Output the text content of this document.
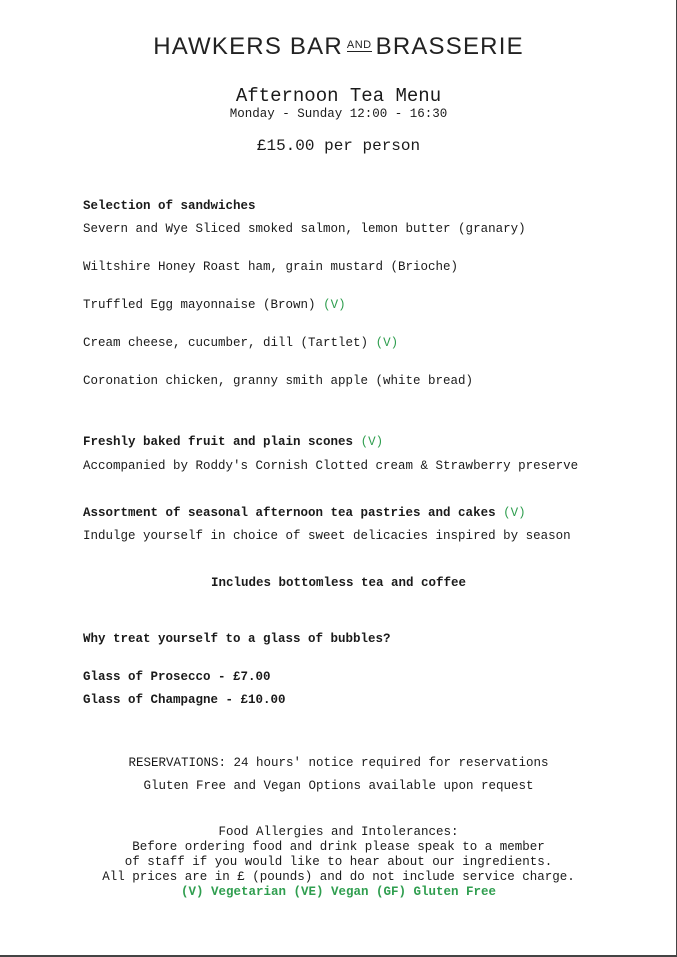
HAWKERS BAR AND BRASSERIE
Afternoon Tea Menu
Monday - Sunday 12:00 - 16:30
£15.00 per person
Selection of sandwiches
Severn and Wye Sliced smoked salmon, lemon butter (granary)
Wiltshire Honey Roast ham, grain mustard (Brioche)
Truffled Egg mayonnaise (Brown) (V)
Cream cheese, cucumber, dill (Tartlet) (V)
Coronation chicken, granny smith apple (white bread)
Freshly baked fruit and plain scones (V)
Accompanied by Roddy's Cornish Clotted cream & Strawberry preserve
Assortment of seasonal afternoon tea pastries and cakes (V)
Indulge yourself in choice of sweet delicacies inspired by season
Includes bottomless tea and coffee
Why treat yourself to a glass of bubbles?
Glass of Prosecco - £7.00
Glass of Champagne - £10.00
RESERVATIONS: 24 hours' notice required for reservations
Gluten Free and Vegan Options available upon request
Food Allergies and Intolerances:
Before ordering food and drink please speak to a member
of staff if you would like to hear about our ingredients.
All prices are in £ (pounds) and do not include service charge.
(V) Vegetarian (VE) Vegan (GF) Gluten Free
